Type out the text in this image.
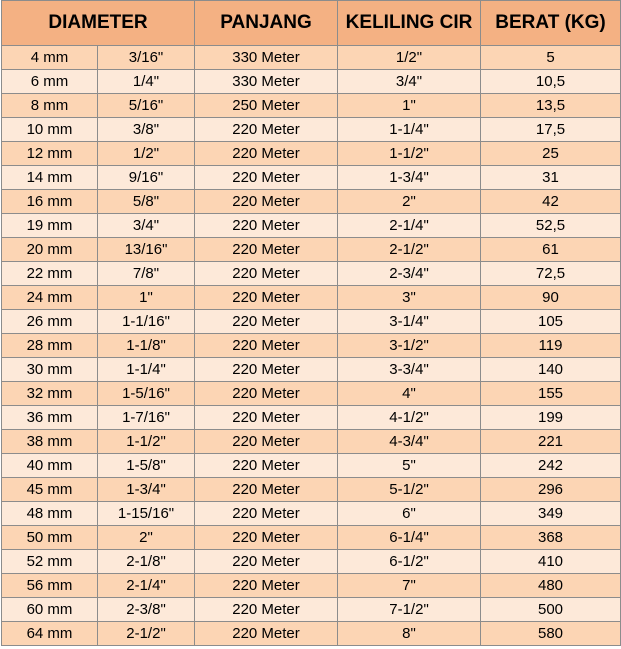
DIAMETER		PANJANG	KELILING CIR	BERAT (KG)
4 mm	3/16"	330 Meter	1/2"	5
6 mm	1/4"	330 Meter	3/4"	10,5
8 mm	5/16"	250 Meter	1"	13,5
10 mm	3/8"	220 Meter	1-1/4"	17,5
12 mm	1/2"	220 Meter	1-1/2"	25
14 mm	9/16"	220 Meter	1-3/4"	31
16 mm	5/8"	220 Meter	2"	42
19 mm	3/4"	220 Meter	2-1/4"	52,5
20 mm	13/16"	220 Meter	2-1/2"	61
22 mm	7/8"	220 Meter	2-3/4"	72,5
24 mm	1"	220 Meter	3"	90
26 mm	1-1/16"	220 Meter	3-1/4"	105
28 mm	1-1/8"	220 Meter	3-1/2"	119
30 mm	1-1/4"	220 Meter	3-3/4"	140
32 mm	1-5/16"	220 Meter	4"	155
36 mm	1-7/16"	220 Meter	4-1/2"	199
38 mm	1-1/2"	220 Meter	4-3/4"	221
40 mm	1-5/8"	220 Meter	5"	242
45 mm	1-3/4"	220 Meter	5-1/2"	296
48 mm	1-15/16"	220 Meter	6"	349
50 mm	2"	220 Meter	6-1/4"	368
52 mm	2-1/8"	220 Meter	6-1/2"	410
56 mm	2-1/4"	220 Meter	7"	480
60 mm	2-3/8"	220 Meter	7-1/2"	500
64 mm	2-1/2"	220 Meter	8"	580
